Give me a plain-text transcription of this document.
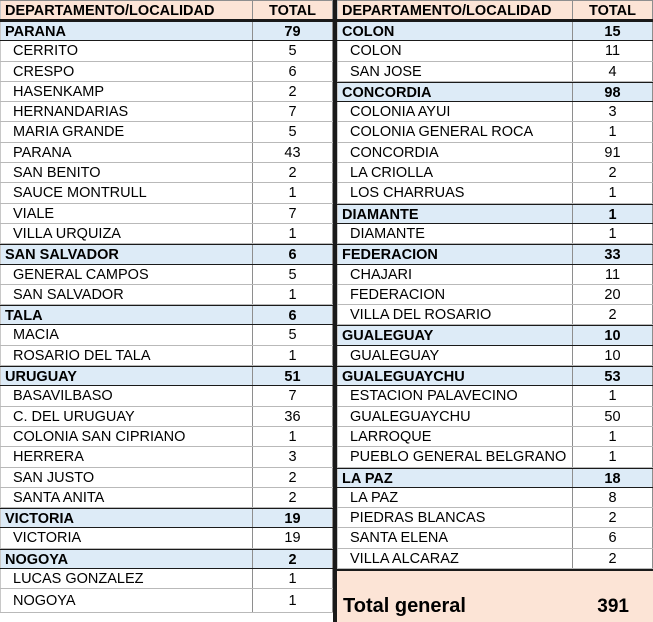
DEPARTAMENTO/LOCALIDAD	TOTAL
PARANA	79
CERRITO	5
CRESPO	6
HASENKAMP	2
HERNANDARIAS	7
MARIA GRANDE	5
PARANA	43
SAN BENITO	2
SAUCE MONTRULL	1
VIALE	7
VILLA URQUIZA	1
SAN SALVADOR	6
GENERAL CAMPOS	5
SAN SALVADOR	1
TALA	6
MACIA	5
ROSARIO DEL TALA	1
URUGUAY	51
BASAVILBASO	7
C. DEL URUGUAY	36
COLONIA SAN CIPRIANO	1
HERRERA	3
SAN JUSTO	2
SANTA ANITA	2
VICTORIA	19
VICTORIA	19
NOGOYA	2
LUCAS GONZALEZ	1
NOGOYA	1
DEPARTAMENTO/LOCALIDAD	TOTAL
COLON	15
COLON	11
SAN JOSE	4
CONCORDIA	98
COLONIA AYUI	3
COLONIA GENERAL ROCA	1
CONCORDIA	91
LA CRIOLLA	2
LOS CHARRUAS	1
DIAMANTE	1
DIAMANTE	1
FEDERACION	33
CHAJARI	11
FEDERACION	20
VILLA DEL ROSARIO	2
GUALEGUAY	10
GUALEGUAY	10
GUALEGUAYCHU	53
ESTACION PALAVECINO	1
GUALEGUAYCHU	50
LARROQUE	1
PUEBLO GENERAL BELGRANO	1
LA PAZ	18
LA PAZ	8
PIEDRAS BLANCAS	2
SANTA ELENA	6
VILLA ALCARAZ	2
Total general	391
